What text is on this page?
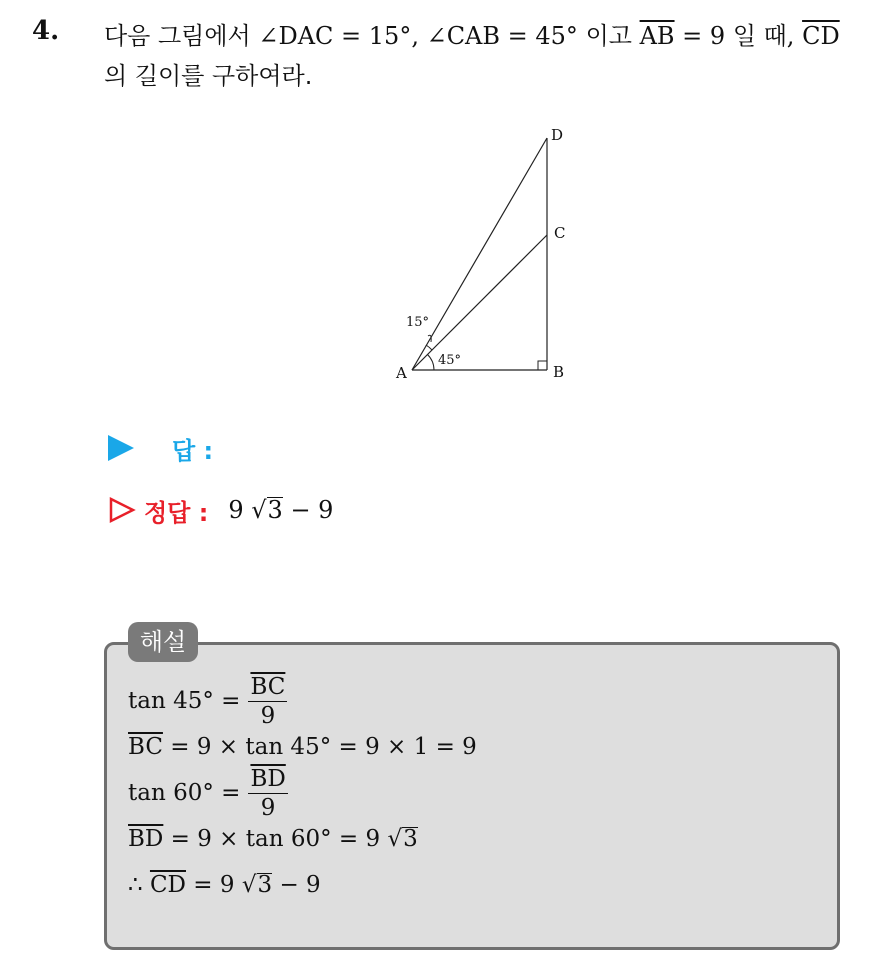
4. 다음 그림에서 ∠DAC = 15°, ∠CAB = 45° 이고 $\overline{AB} = 9$ 일 때, $\overline{CD}$
의 길이를 구하여라.
A	B
C
D
15°
45°
답 :
정답 : 9 √3 − 9
해설
$\tan 45^\circ = \frac{\overline{BC}}{9}$
$\overline{BC} = 9 \times \tan 45^\circ = 9 \times 1 = 9$
$\tan 60^\circ = \frac{\overline{BD}}{9}$
$\overline{BD} = 9 \times \tan 60^\circ = 9$ √ 3
∴ $\overline{CD} = 9$ √ 3 − 9
